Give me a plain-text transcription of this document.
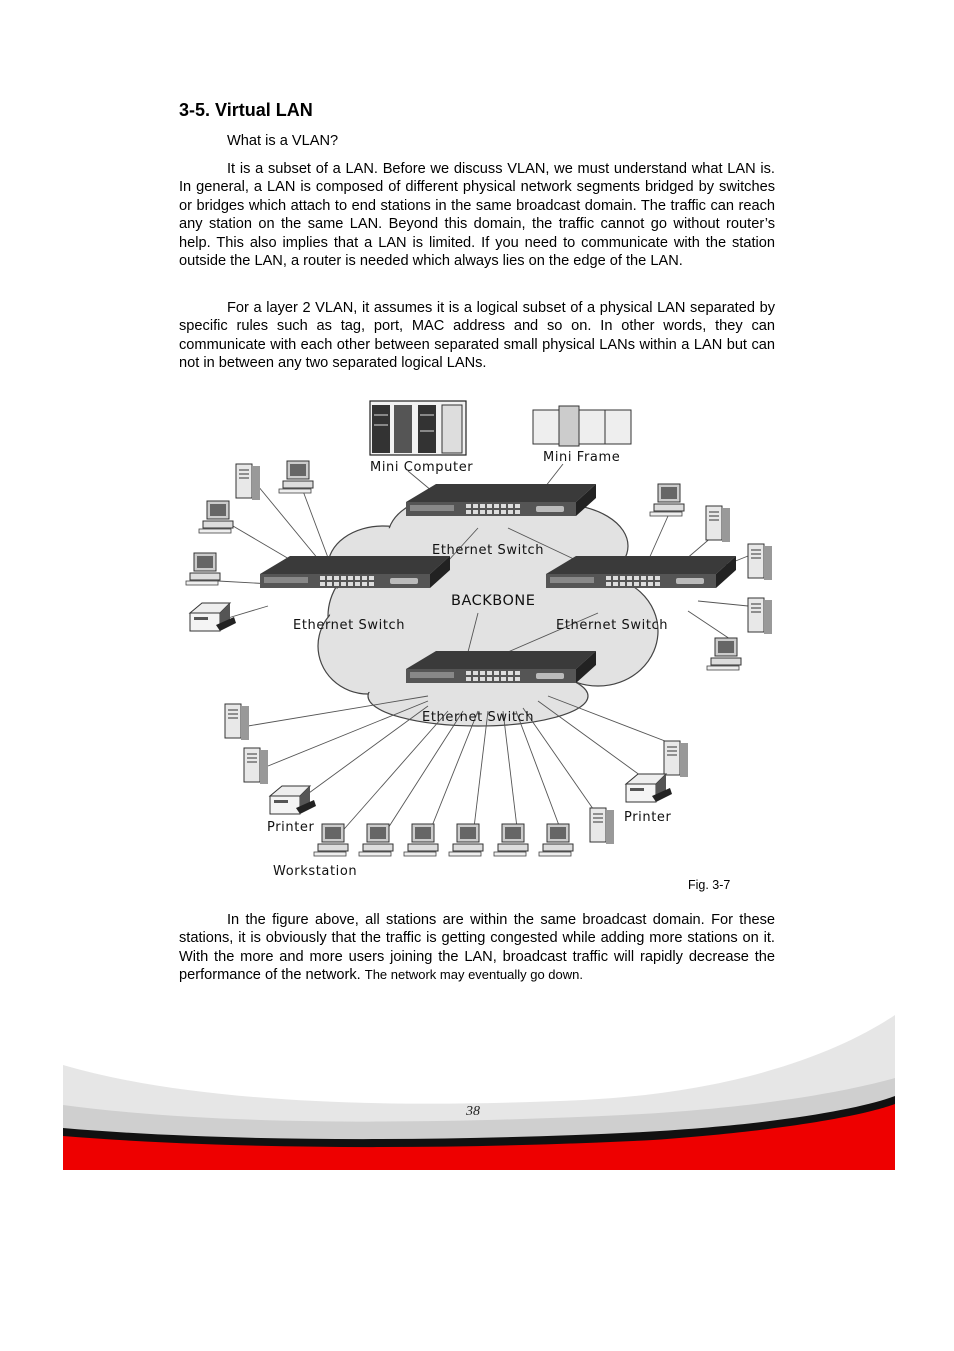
3-5. Virtual LAN

What is a VLAN?

It is a subset of a LAN. Before we discuss VLAN, we must understand what LAN is. In general, a LAN is composed of different physical network segments bridged by switches or bridges which attach to end stations in the same broadcast domain. The traffic can reach any station on the same LAN. Beyond this domain, the traffic cannot go without router’s help. This also implies that a LAN is limited. If you need to communicate with the station outside the LAN, a router is needed which always lies on the edge of the LAN.

For a layer 2 VLAN, it assumes it is a logical subset of a physical LAN separated by specific rules such as tag, port, MAC address and so on. In other words, they can communicate with each other between separated small physical LANs within a LAN but can not in between any two separated logical LANs.

Mini Computer
Mini Frame
Ethernet Switch
BACKBONE
Ethernet Switch	Ethernet Switch
Ethernet Switch
Printer
Printer
Workstation
Fig. 3-7

In the figure above, all stations are within the same broadcast domain. For these stations, it is obviously that the traffic is getting congested while adding more stations on it. With the more and more users joining the LAN, broadcast traffic will rapidly decrease the performance of the network. The network may eventually go down.

38
